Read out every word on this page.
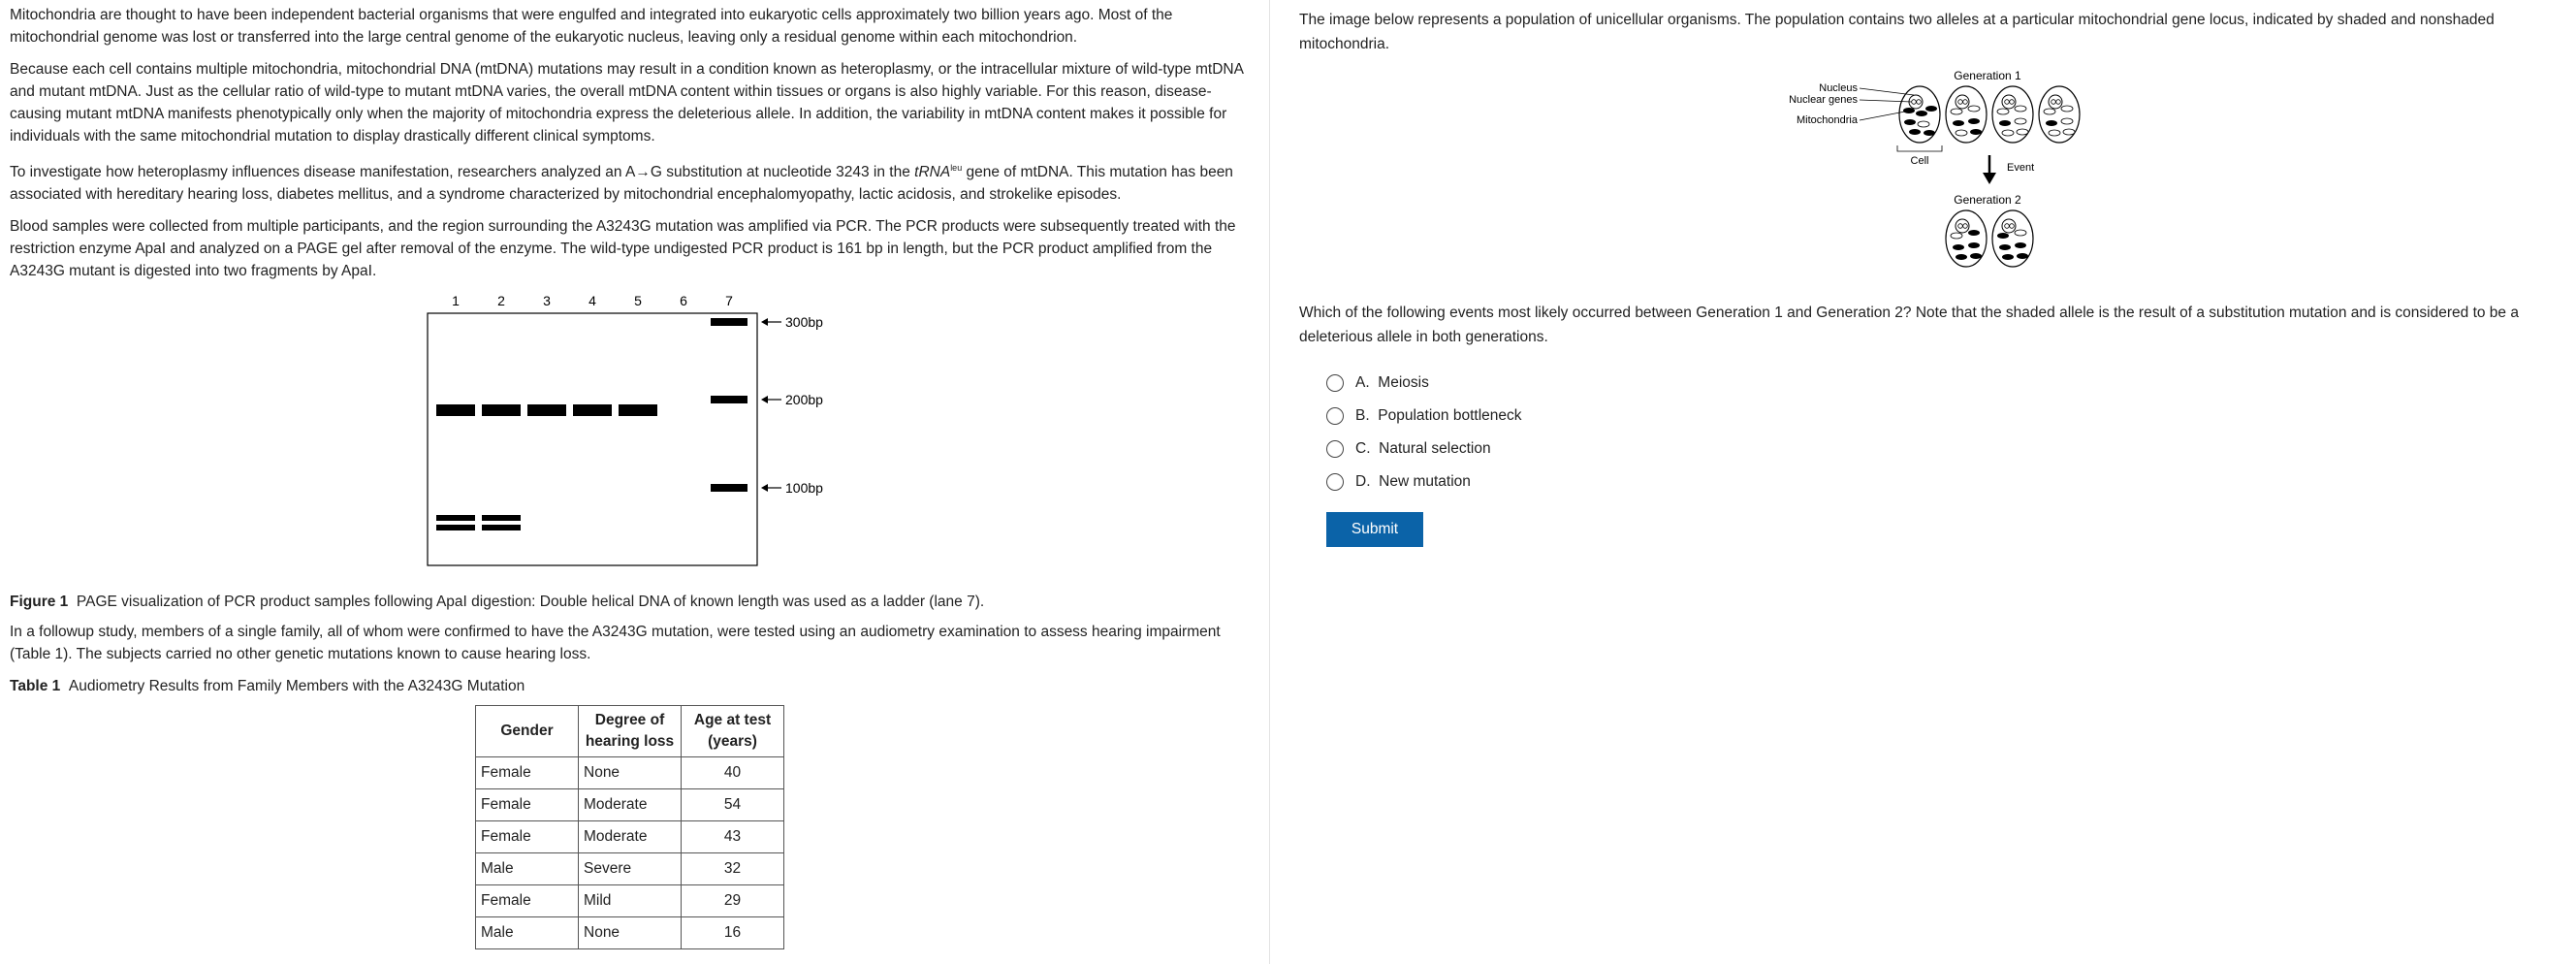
Mitochondria are thought to have been independent bacterial organisms that were engulfed and integrated into eukaryotic cells approximately two billion years ago. Most of the mitochondrial genome was lost or transferred into the large central genome of the eukaryotic nucleus, leaving only a residual genome within each mitochondrion.

Because each cell contains multiple mitochondria, mitochondrial DNA (mtDNA) mutations may result in a condition known as heteroplasmy, or the intracellular mixture of wild-type mtDNA and mutant mtDNA. Just as the cellular ratio of wild-type to mutant mtDNA varies, the overall mtDNA content within tissues or organs is also highly variable. For this reason, disease-causing mutant mtDNA manifests phenotypically only when the majority of mitochondria express the deleterious allele. In addition, the variability in mtDNA content makes it possible for individuals with the same mitochondrial mutation to display drastically different clinical symptoms.

To investigate how heteroplasmy influences disease manifestation, researchers analyzed an A→G substitution at nucleotide 3243 in the tRNA$^{leu}$ gene of mtDNA. This mutation has been associated with hereditary hearing loss, diabetes mellitus, and a syndrome characterized by mitochondrial encephalomyopathy, lactic acidosis, and strokelike episodes.

Blood samples were collected from multiple participants, and the region surrounding the A3243G mutation was amplified via PCR. The PCR products were subsequently treated with the restriction enzyme ApaI and analyzed on a PAGE gel after removal of the enzyme. The wild-type undigested PCR product is 161 bp in length, but the PCR product amplified from the A3243G mutant is digested into two fragments by ApaI.

1	2	3	4	5	6	7
300bp
200bp
100bp

Figure 1 PAGE visualization of PCR product samples following ApaI digestion: Double helical DNA of known length was used as a ladder (lane 7).

In a followup study, members of a single family, all of whom were confirmed to have the A3243G mutation, were tested using an audiometry examination to assess hearing impairment (Table 1). The subjects carried no other genetic mutations known to cause hearing loss.

Table 1 Audiometry Results from Family Members with the A3243G Mutation

Gender	Degree of hearing loss	Age at test (years)
Female	None	40
Female	Moderate	54
Female	Moderate	43
Male	Severe	32
Female	Mild	29
Male	None	16

The image below represents a population of unicellular organisms. The population contains two alleles at a particular mitochondrial gene locus, indicated by shaded and nonshaded mitochondria.

Generation 1
Nucleus
Nuclear genes
Mitochondria
Cell
Event
Generation 2

Which of the following events most likely occurred between Generation 1 and Generation 2? Note that the shaded allele is the result of a substitution mutation and is considered to be a deleterious allele in both generations.

A.
Meiosis
B.
Population bottleneck
C.
Natural selection
D.
New mutation
Submit
